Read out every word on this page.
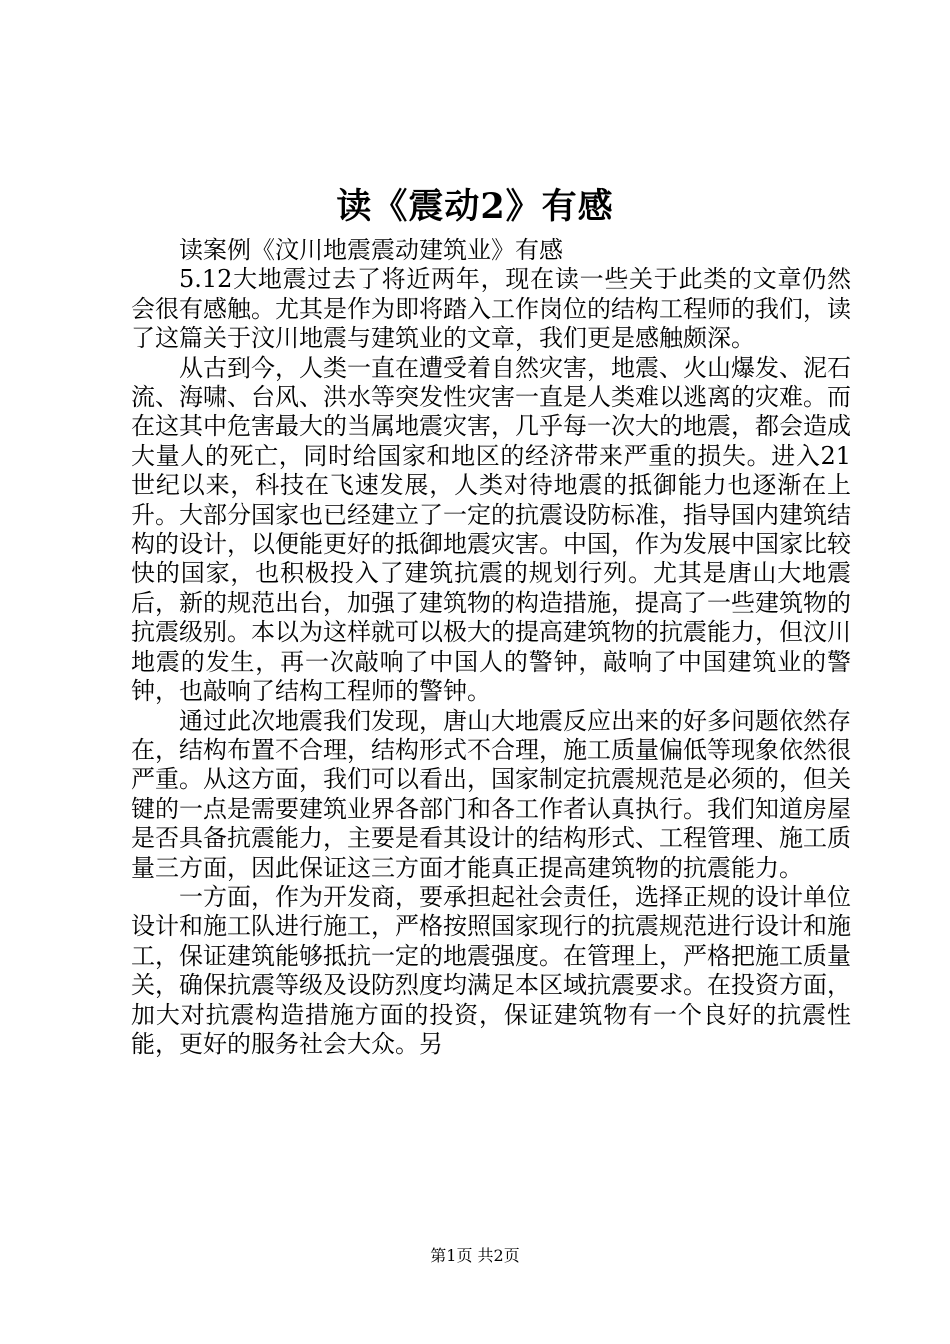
读《震动2》有感

读案例《汶川地震震动建筑业》有感

5.12大地震过去了将近两年，现在读一些关于此类的文章仍然会很有感触。尤其是作为即将踏入工作岗位的结构工程师的我们，读了这篇关于汶川地震与建筑业的文章，我们更是感触颇深。

从古到今，人类一直在遭受着自然灾害，地震、火山爆发、泥石流、海啸、台风、洪水等突发性灾害一直是人类难以逃离的灾难。而在这其中危害最大的当属地震灾害，几乎每一次大的地震，都会造成大量人的死亡，同时给国家和地区的经济带来严重的损失。进入21世纪以来，科技在飞速发展，人类对待地震的抵御能力也逐渐在上升。大部分国家也已经建立了一定的抗震设防标准，指导国内建筑结构的设计，以便能更好的抵御地震灾害。中国，作为发展中国家比较快的国家，也积极投入了建筑抗震的规划行列。尤其是唐山大地震后，新的规范出台，加强了建筑物的构造措施，提高了一些建筑物的抗震级别。本以为这样就可以极大的提高建筑物的抗震能力，但汶川地震的发生，再一次敲响了中国人的警钟，敲响了中国建筑业的警钟，也敲响了结构工程师的警钟。

通过此次地震我们发现，唐山大地震反应出来的好多问题依然存在，结构布置不合理，结构形式不合理，施工质量偏低等现象依然很严重。从这方面，我们可以看出，国家制定抗震规范是必须的，但关键的一点是需要建筑业界各部门和各工作者认真执行。我们知道房屋是否具备抗震能力，主要是看其设计的结构形式、工程管理、施工质量三方面，因此保证这三方面才能真正提高建筑物的抗震能力。

一方面，作为开发商，要承担起社会责任，选择正规的设计单位设计和施工队进行施工，严格按照国家现行的抗震规范进行设计和施工，保证建筑能够抵抗一定的地震强度。在管理上，严格把施工质量关，确保抗震等级及设防烈度均满足本区域抗震要求。在投资方面，加大对抗震构造措施方面的投资，保证建筑物有一个良好的抗震性能，更好的服务社会大众。另

第1页 共2页
